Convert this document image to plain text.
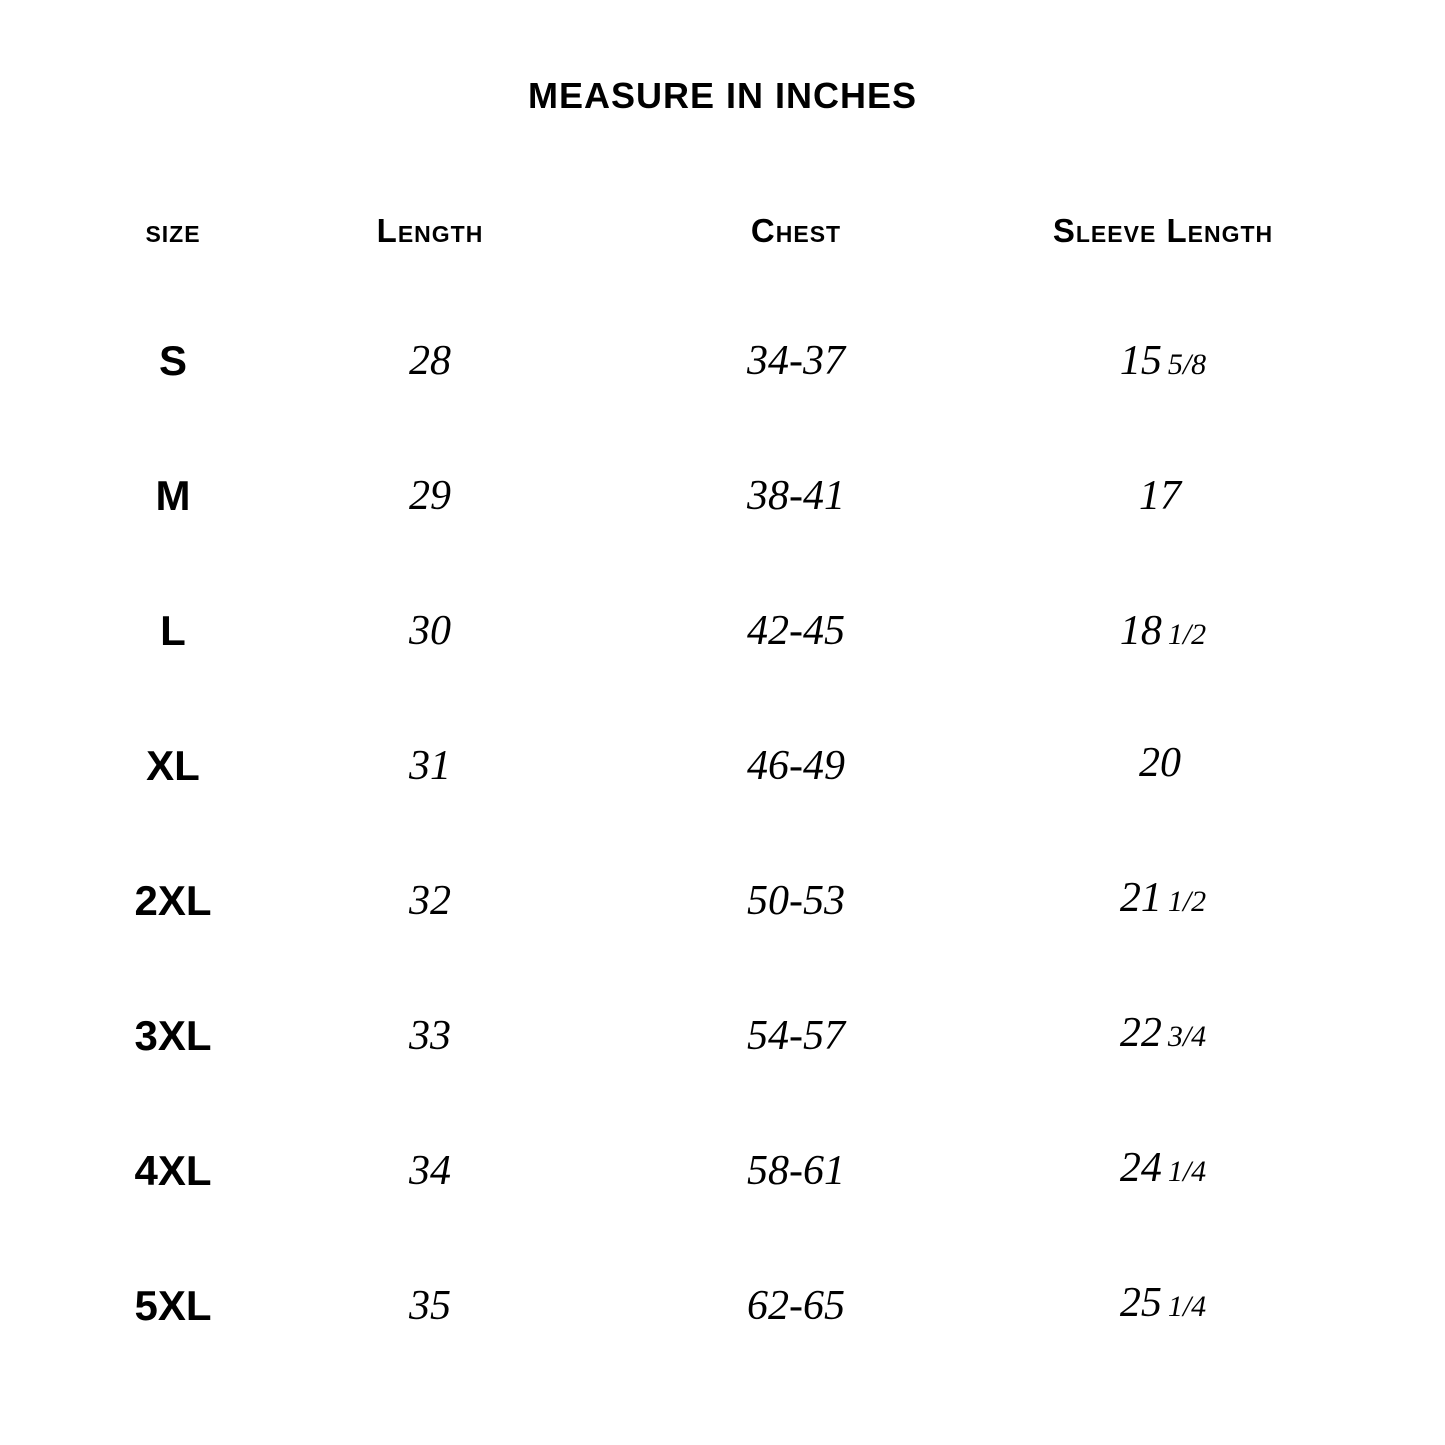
MEASURE IN INCHES
size	Length	Chest	Sleeve Length
S	28	34-37	15 5/8
M	29	38-41	17
L	30	42-45	18 1/2
XL	31	46-49	20
2XL	32	50-53	21 1/2
3XL	33	54-57	22 3/4
4XL	34	58-61	24 1/4
5XL	35	62-65	25 1/4
